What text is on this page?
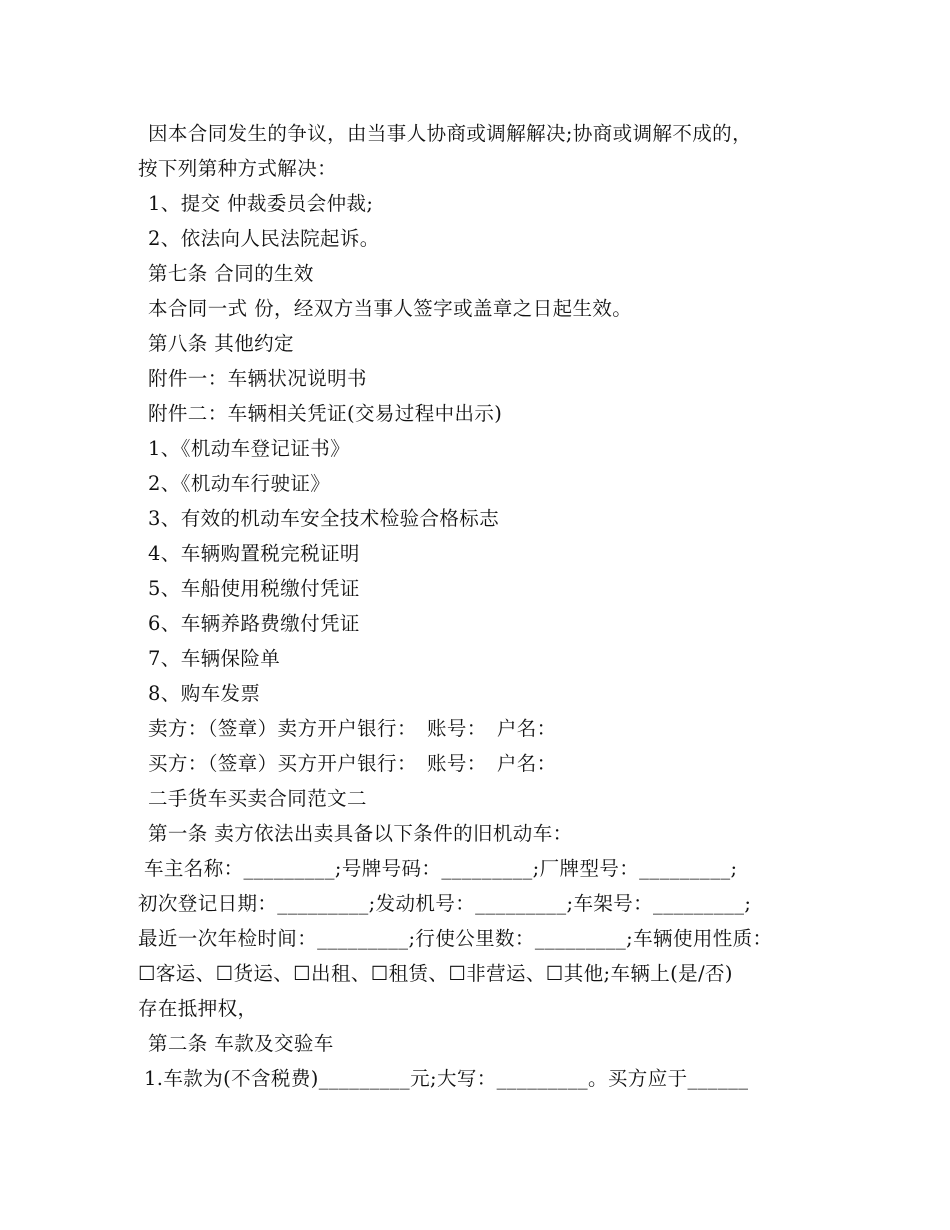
因本合同发生的争议，由当事人协商或调解解决;协商或调解不成的，
按下列第种方式解决：
1、提交 仲裁委员会仲裁;
2、依法向人民法院起诉。
第七条 合同的生效
本合同一式 份，经双方当事人签字或盖章之日起生效。
第八条 其他约定
附件一：车辆状况说明书
附件二：车辆相关凭证(交易过程中出示)
1、《机动车登记证书》
2、《机动车行驶证》
3、有效的机动车安全技术检验合格标志
4、车辆购置税完税证明
5、车船使用税缴付凭证
6、车辆养路费缴付凭证
7、车辆保险单
8、购车发票
卖方：（签章）卖方开户银行：　账号：　户名：
买方：（签章）买方开户银行：　账号：　户名：
二手货车买卖合同范文二
第一条 卖方依法出卖具备以下条件的旧机动车：
车主名称：_________;号牌号码：_________;厂牌型号：_________;
初次登记日期：_________;发动机号：_________;车架号：_________;
最近一次年检时间：_________;行使公里数：_________;车辆使用性质：
☐客运、☐货运、☐出租、☐租赁、☐非营运、☐其他;车辆上(是/否)
存在抵押权，
第二条 车款及交验车
1.车款为(不含税费)_________元;大写：_________。买方应于______
